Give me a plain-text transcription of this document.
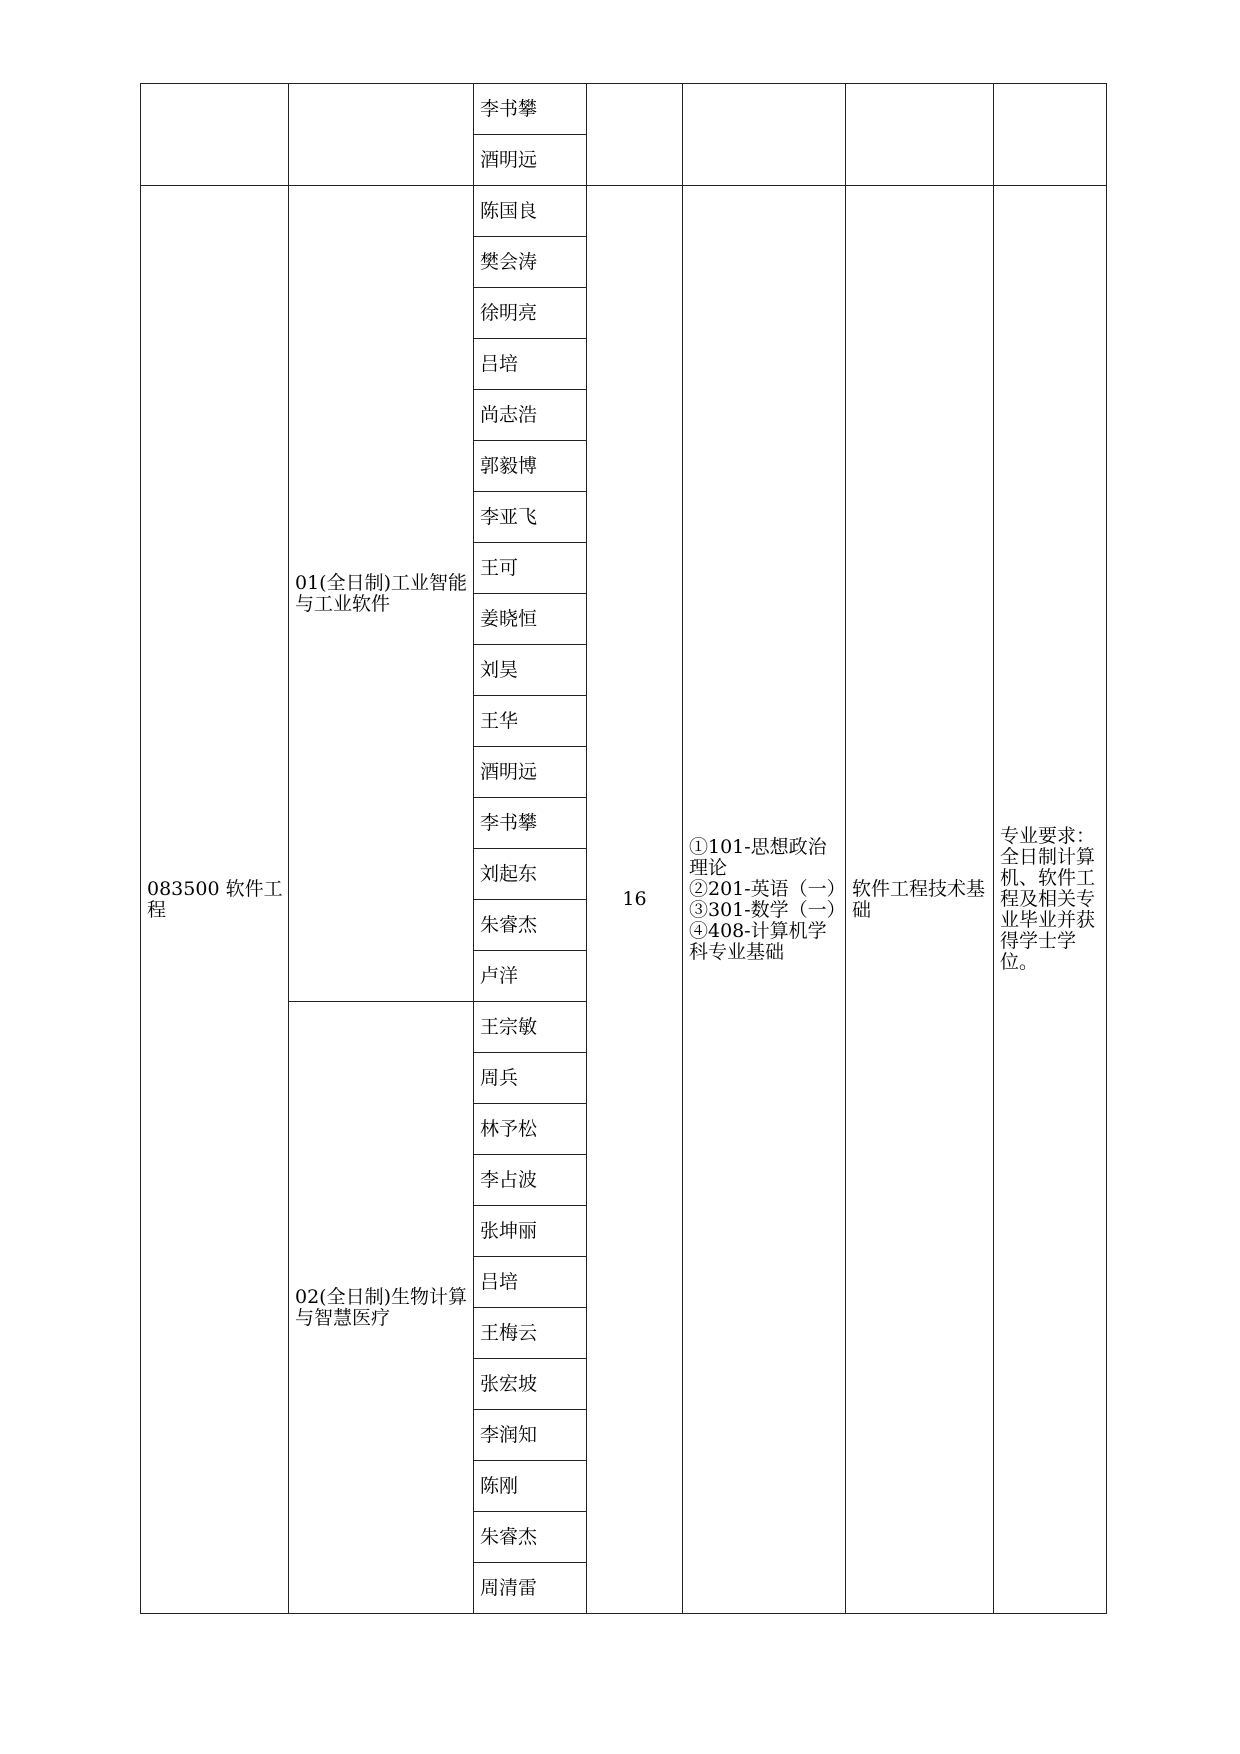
		李书攀				
		酒明远				
083500 软件工程	01(全日制)工业智能与工业软件	陈国良	16	①101-思想政治理论
②201-英语（一）
③301-数学（一）
④408-计算机学科专业基础	软件工程技术基础	专业要求：全日制计算机、软件工程及相关专业毕业并获得学士学位。
		樊会涛				
		徐明亮				
		吕培				
		尚志浩				
		郭毅博				
		李亚飞				
		王可				
		姜晓恒				
		刘昊				
		王华				
		酒明远				
		李书攀				
		刘起东				
		朱睿杰				
		卢洋				
	02(全日制)生物计算与智慧医疗	王宗敏				
		周兵				
		林予松				
		李占波				
		张坤丽				
		吕培				
		王梅云				
		张宏坡				
		李润知				
		陈刚				
		朱睿杰				
		周清雷				
